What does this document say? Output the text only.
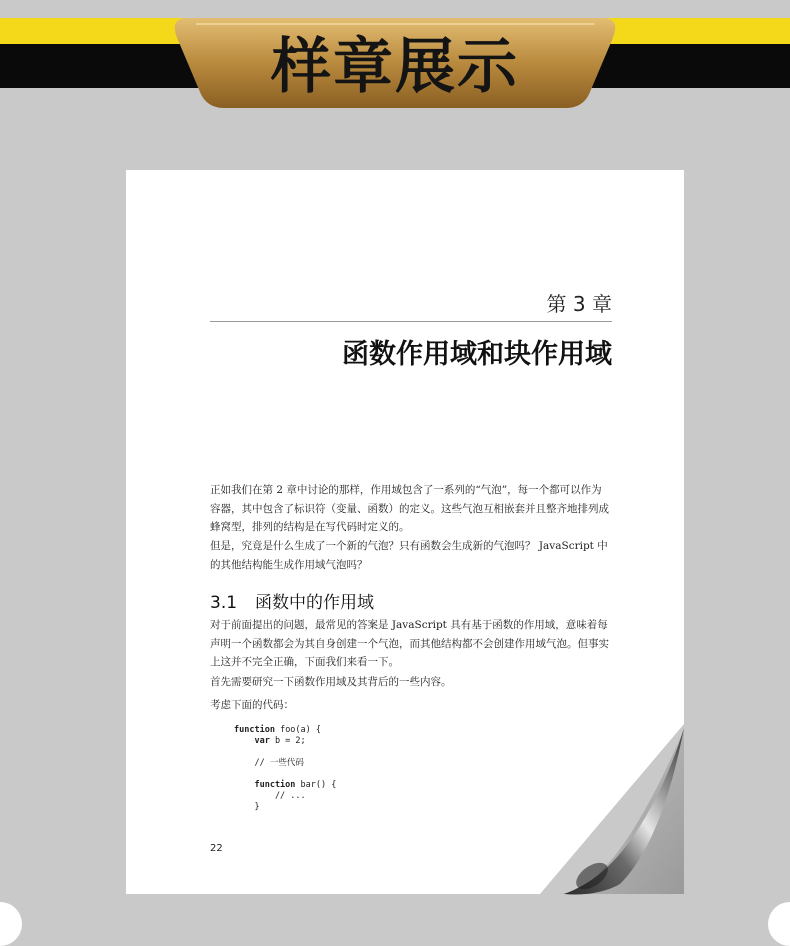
样章展示
第 3 章
函数作用域和块作用域

正如我们在第 2 章中讨论的那样，作用域包含了一系列的“气泡”，每一个都可以作为容器，其中包含了标识符（变量、函数）的定义。这些气泡互相嵌套并且整齐地排列成蜂窝型，排列的结构是在写代码时定义的。

但是，究竟是什么生成了一个新的气泡？只有函数会生成新的气泡吗？ JavaScript 中的其他结构能生成作用域气泡吗？

3.1 函数中的作用域

对于前面提出的问题，最常见的答案是 JavaScript 具有基于函数的作用域，意味着每声明一个函数都会为其自身创建一个气泡，而其他结构都不会创建作用域气泡。但事实上这并不完全正确，下面我们来看一下。

首先需要研究一下函数作用域及其背后的一些内容。

考虑下面的代码：

function foo(a) {
var b = 2;

// 一些代码

function bar() {
// ...
}
22
